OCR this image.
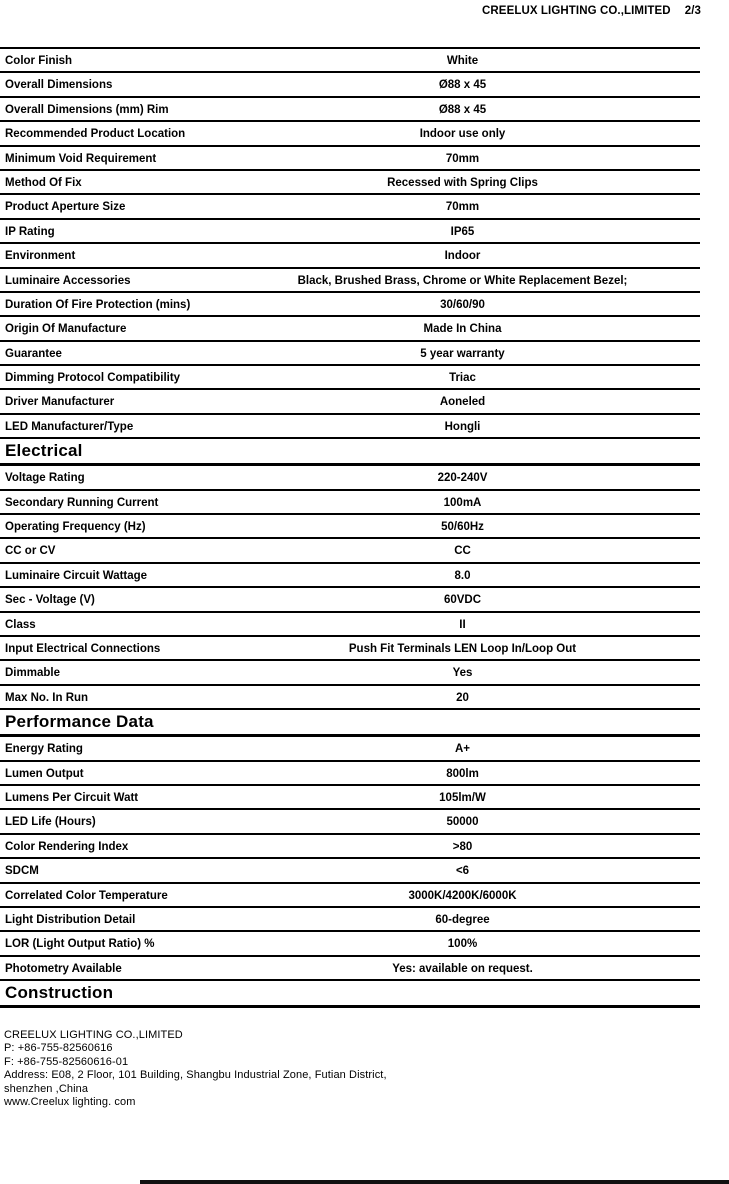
CREELUX LIGHTING CO.,LIMITED 2/3
Color Finish	White
Overall Dimensions	Ø88 x 45
Overall Dimensions (mm) Rim	Ø88 x 45
Recommended Product Location	Indoor use only
Minimum Void Requirement	70mm
Method Of Fix	Recessed with Spring Clips
Product Aperture Size	70mm
IP Rating	IP65
Environment	Indoor
Luminaire Accessories	Black, Brushed Brass, Chrome or White Replacement Bezel;
Duration Of Fire Protection (mins)	30/60/90
Origin Of Manufacture	Made In China
Guarantee	5 year warranty
Dimming Protocol Compatibility	Triac
Driver Manufacturer	Aoneled
LED Manufacturer/Type	Hongli
Electrical
Voltage Rating	220-240V
Secondary Running Current	100mA
Operating Frequency (Hz)	50/60Hz
CC or CV	CC
Luminaire Circuit Wattage	8.0
Sec - Voltage (V)	60VDC
Class	II
Input Electrical Connections	Push Fit Terminals LEN Loop In/Loop Out
Dimmable	Yes
Max No. In Run	20
Performance Data
Energy Rating	A+
Lumen Output	800lm
Lumens Per Circuit Watt	105lm/W
LED Life (Hours)	50000
Color Rendering Index	>80
SDCM	<6
Correlated Color Temperature	3000K/4200K/6000K
Light Distribution Detail	60-degree
LOR (Light Output Ratio) %	100%
Photometry Available	Yes: available on request.
Construction
CREELUX LIGHTING CO.,LIMITED
P: +86-755-82560616
F: +86-755-82560616-01
Address: E08, 2 Floor, 101 Building, Shangbu Industrial Zone, Futian District,
shenzhen ,China
www.Creelux lighting. com
